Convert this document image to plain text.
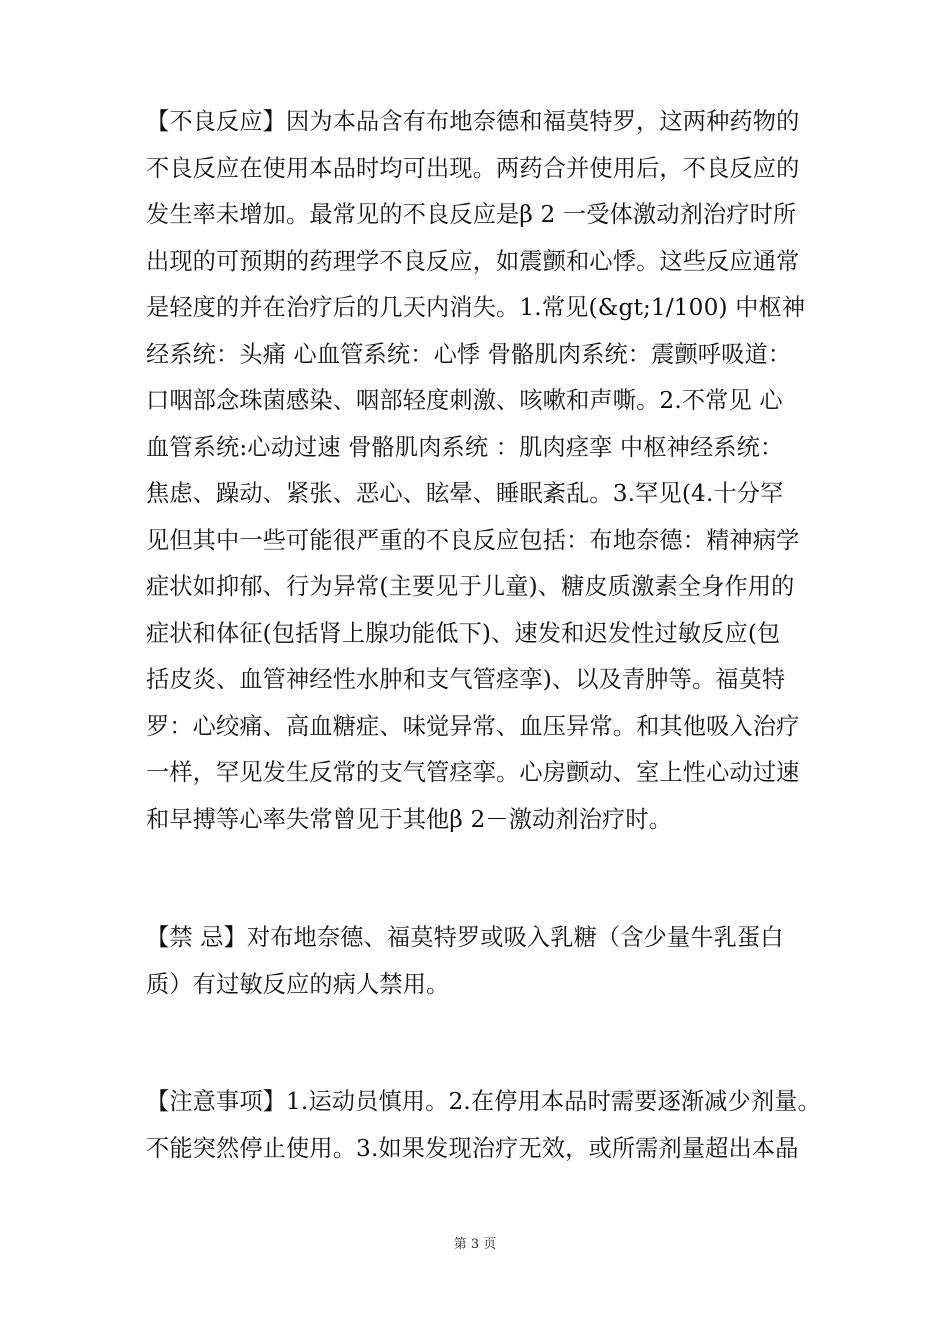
【不良反应】因为本品含有布地奈德和福莫特罗，这两种药物的
不良反应在使用本品时均可出现。两药合并使用后，不良反应的
发生率未增加。最常见的不良反应是β 2 一受体激动剂治疗时所
出现的可预期的药理学不良反应，如震颤和心悸。这些反应通常
是轻度的并在治疗后的几天内消失。1.常见(&gt;1/100) 中枢神
经系统：头痛 心血管系统：心悸 骨骼肌肉系统：震颤呼吸道：
口咽部念珠菌感染、咽部轻度刺激、咳嗽和声嘶。2.不常见 心
血管系统:心动过速 骨骼肌肉系统 ：肌肉痉挛 中枢神经系统：
焦虑、躁动、紧张、恶心、眩晕、睡眠紊乱。3.罕见(4.十分罕
见但其中一些可能很严重的不良反应包括：布地奈德：精神病学
症状如抑郁、行为异常(主要见于儿童)、糖皮质激素全身作用的
症状和体征(包括肾上腺功能低下)、速发和迟发性过敏反应(包
括皮炎、血管神经性水肿和支气管痉挛)、以及青肿等。福莫特
罗：心绞痛、高血糖症、味觉异常、血压异常。和其他吸入治疗
一样，罕见发生反常的支气管痉挛。心房颤动、室上性心动过速
和早搏等心率失常曾见于其他β 2－激动剂治疗时。
【禁 忌】对布地奈德、福莫特罗或吸入乳糖（含少量牛乳蛋白
质）有过敏反应的病人禁用。
【注意事项】1.运动员慎用。2.在停用本品时需要逐渐减少剂量。
不能突然停止使用。3.如果发现治疗无效，或所需剂量超出本晶
第 3 页
